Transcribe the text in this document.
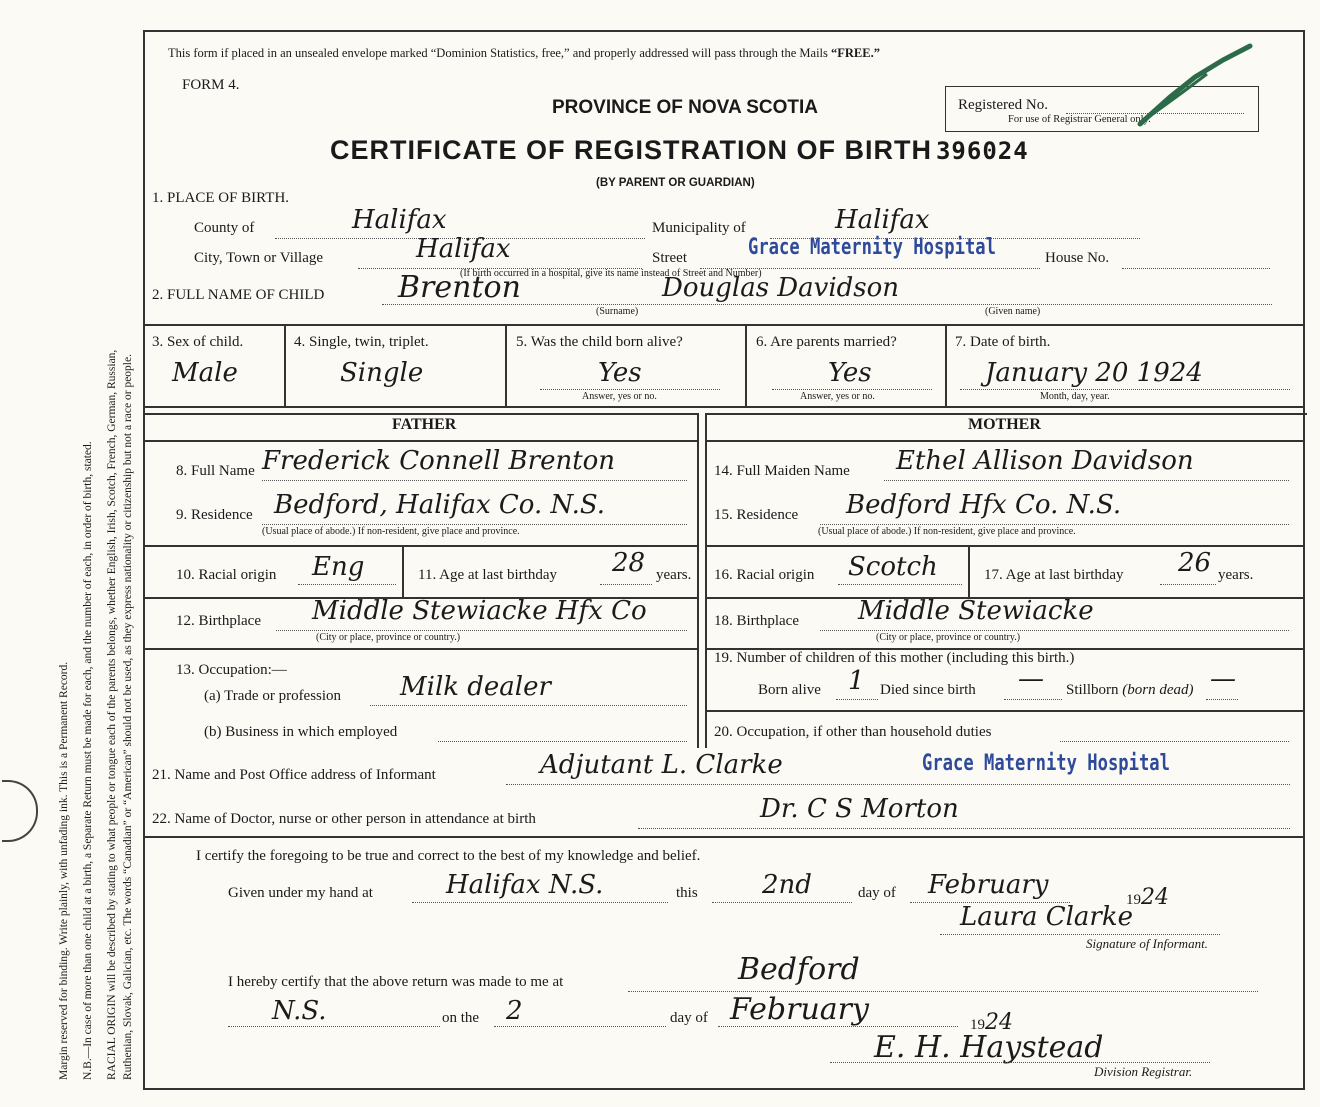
Margin reserved for binding. Write plainly, with unfading ink. This is a Permanent Record. N.B.—In case of more than one child at a birth, a Separate Return must be made for each, and the number of each, in order of birth, stated. RACIAL ORIGIN will be described by stating to what people or tongue each of the parents belongs, whether English, Irish, Scotch, French, German, Russian, Ruthenian, Slovak, Galician, etc. The words “Canadian” or “American” should not be used, as they express nationality or citizenship but not a race or people.
This form if placed in an unsealed envelope marked “Dominion Statistics, free,” and properly addressed will pass through the Mails “FREE.”
FORM 4.
PROVINCE OF NOVA SCOTIA	Registered No.
For use of Registrar General only.
CERTIFICATE OF REGISTRATION OF BIRTH 396024
(BY PARENT OR GUARDIAN)
1. PLACE OF BIRTH.
County of	Halifax	Municipality of	Halifax
City, Town or Village	Halifax	Street	Grace Maternity Hospital	House No.
(If birth occurred in a hospital, give its name instead of Street and Number)
2. FULL NAME OF CHILD Brenton	Douglas Davidson
(Surname)	(Given name)
3. Sex of child.
Male
4. Single, twin, triplet.
Single
5. Was the child born alive?
Yes
Answer, yes or no.
6. Are parents married?
Yes
Answer, yes or no.
7. Date of birth.
January 20 1924
Month, day, year.
FATHER	MOTHER
8. Full Name Frederick Connell Brenton
9. Residence Bedford, Halifax Co. N.S.
(Usual place of abode.) If non-resident, give place and province.
10. Racial origin Eng	11. Age at last birthday 28 years.
12. Birthplace Middle Stewiacke Hfx Co
(City or place, province or country.)
13. Occupation:—
(a) Trade or profession Milk dealer
(b) Business in which employed
14. Full Maiden Name Ethel Allison Davidson
15. Residence Bedford Hfx Co. N.S.
(Usual place of abode.) If non-resident, give place and province.
16. Racial origin Scotch	17. Age at last birthday 26 years.
18. Birthplace Middle Stewiacke
(City or place, province or country.)
19. Number of children of this mother (including this birth.)
Born alive 1 Died since birth — Stillborn (born dead) —
20. Occupation, if other than household duties
21. Name and Post Office address of Informant	Adjutant L. Clarke	Grace Maternity Hospital
22. Name of Doctor, nurse or other person in attendance at birth	Dr. C S Morton
I certify the foregoing to be true and correct to the best of my knowledge and belief.
Given under my hand at	Halifax N.S.	this 2nd	day of February	1924
Laura Clarke
Signature of Informant.
I hereby certify that the above return was made to me at	Bedford
N.S.	on the 2	day of February	1924
E. H. Haystead
Division Registrar.
